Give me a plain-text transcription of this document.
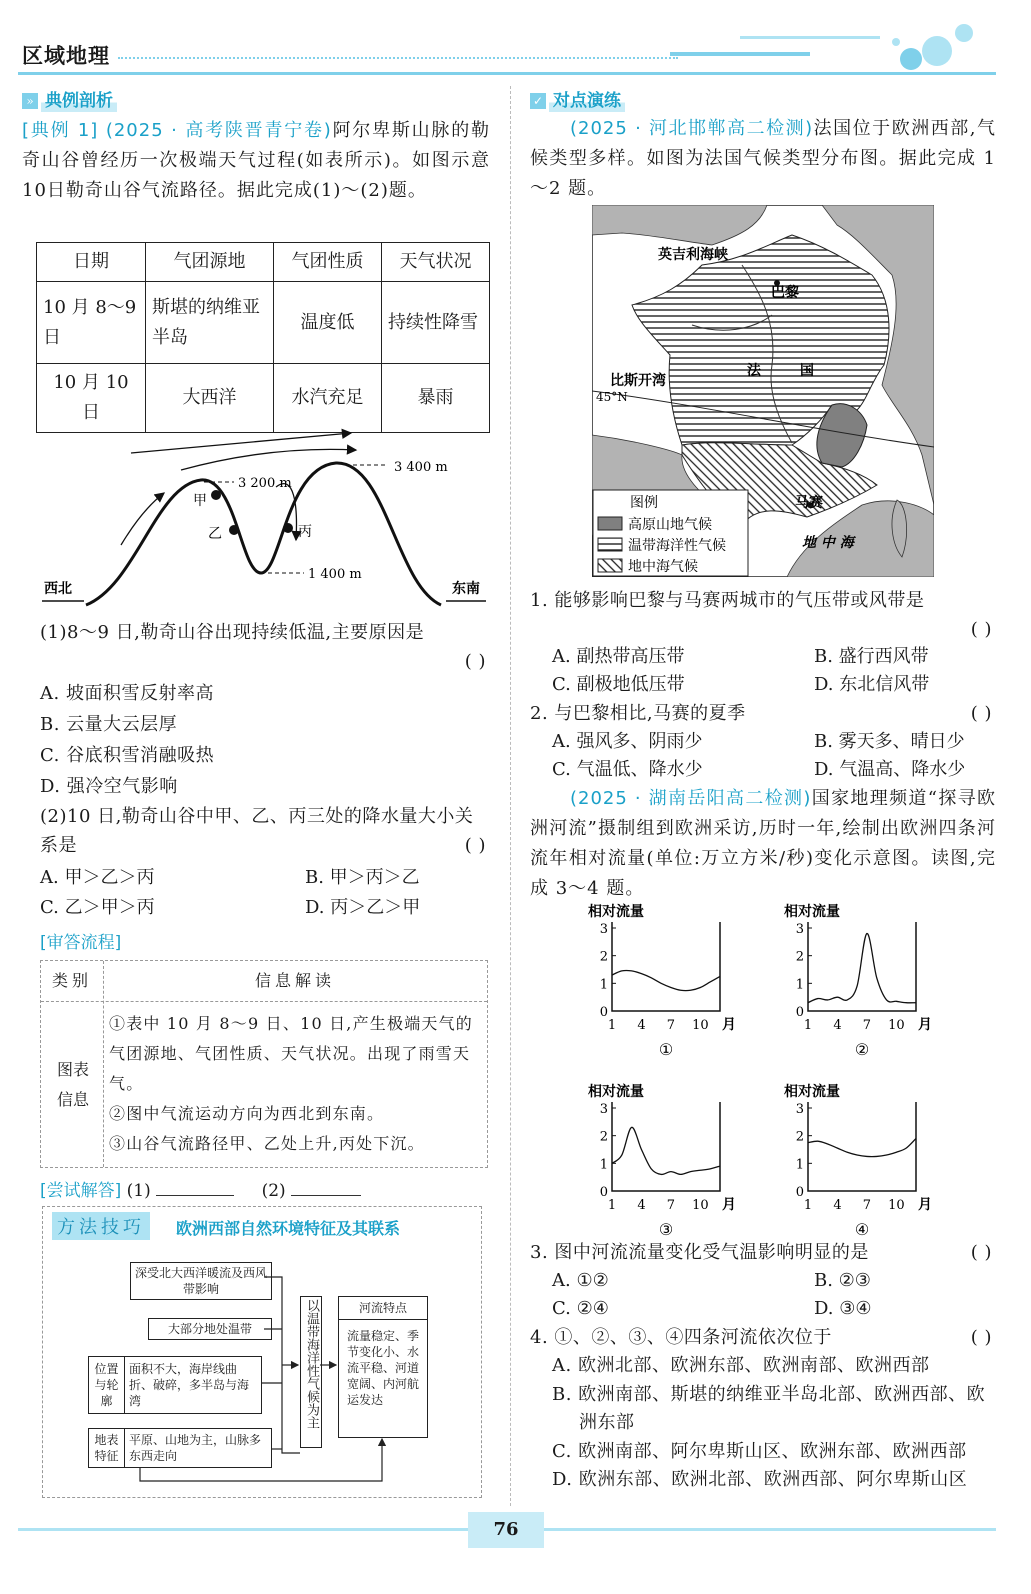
区域地理
» 典例剖析
[典例 1] (2025 · 高考陕晋青宁卷)阿尔卑斯山脉的勒奇山谷曾经历一次极端天气过程(如表所示)。如图示意10日勒奇山谷气流路径。据此完成(1)～(2)题。
日期	气团源地	气团性质	天气状况
10 月 8～9 日	斯堪的纳维亚半岛	温度低	持续性降雪
10 月 10 日	大西洋	水汽充足	暴雨
甲
乙	丙
3 400 m
3 200 m
1 400 m
西北	东南
(1)8～9 日,勒奇山谷出现持续低温,主要原因是
( )
A. 坡面积雪反射率高
B. 云量大云层厚
C. 谷底积雪消融吸热
D. 强冷空气影响
(2)10 日,勒奇山谷中甲、乙、丙三处的降水量大小关系是	( )
A. 甲＞乙＞丙	B. 甲＞丙＞乙
C. 乙＞甲＞丙	D. 丙＞乙＞甲
[审答流程]
类别	信息解读
图表信息
①表中 10 月 8～9 日、10 日,产生极端天气的气团源地、气团性质、天气状况。出现了雨雪天气。
②图中气流运动方向为西北到东南。
③山谷气流路径甲、乙处上升,丙处下沉。
[尝试解答] (1)	(2)
方法技巧	欧洲西部自然环境特征及其联系
深受北大西洋暖流及西风带影响
大部分地处温带
位置与轮廓
面积不大，海岸线曲折、破碎，多半岛与海湾
地表特征
平原、山地为主，山脉多东西走向
以温带海洋性气候为主	河流特点
流量稳定、季节变化小、水流平稳、河道宽阔、内河航运发达
✓ 对点演练
(2025 · 河北邯郸高二检测)法国位于欧洲西部,气候类型多样。如图为法国气候类型分布图。据此完成 1～2 题。
英吉利海峡
巴黎
法	国
比斯开湾
45°N
马赛
地 中 海
图例
高原山地气候
温带海洋性气候
地中海气候
1. 能够影响巴黎与马赛两城市的气压带或风带是
( )
A. 副热带高压带	B. 盛行西风带
C. 副极地低压带	D. 东北信风带
2. 与巴黎相比,马赛的夏季	( )
A. 强风多、阴雨少	B. 雾天多、晴日少
C. 气温低、降水少	D. 气温高、降水少
(2025 · 湖南岳阳高二检测)国家地理频道“探寻欧洲河流”摄制组到欧洲采访,历时一年,绘制出欧洲四条河流年相对流量(单位:万立方米/秒)变化示意图。读图,完成 3～4 题。
相对流量
0
1
2
3
1 4 7 10 月
①
相对流量
0
1
2
3
1 4 7 10 月
②
相对流量
0
1
2
3
1 4 7 10 月
③
相对流量
0
1
2
3
1 4 7 10 月
④
3. 图中河流流量变化受气温影响明显的是	( )
A. ①②	B. ②③
C. ②④	D. ③④
4. ①、②、③、④四条河流依次位于	( )
A. 欧洲北部、欧洲东部、欧洲南部、欧洲西部
B. 欧洲南部、斯堪的纳维亚半岛北部、欧洲西部、欧洲东部
C. 欧洲南部、阿尔卑斯山区、欧洲东部、欧洲西部
D. 欧洲东部、欧洲北部、欧洲西部、阿尔卑斯山区
76
